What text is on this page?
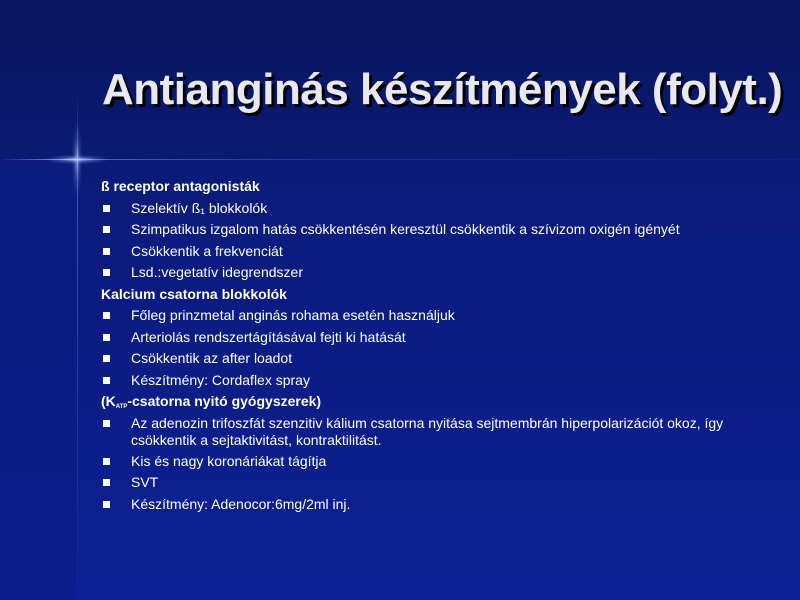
Antianginás készítmények (folyt.)

ß receptor antagonisták

Szelektív ß₁ blokkolók
Szimpatikus izgalom hatás csökkentésén keresztül csökkentik a szívizom oxigén igényét
Csökkentik a frekvenciát
Lsd.:vegetatív idegrendszer

Kalcium csatorna blokkolók

Főleg prinzmetal anginás rohama esetén használjuk
Arteriolás rendszertágításával fejti ki hatását
Csökkentik az after loadot
Készítmény: Cordaflex spray

($K_{ATP}$-csatorna nyitó gyógyszerek)

Az adenozin trifoszfát szenzitiv kálium csatorna nyitása sejtmembrán hiperpolarizációt okoz, így csökkentik a sejtaktivitást, kontraktilitást.
Kis és nagy koronáriákat tágítja
SVT
Készítmény: Adenocor:6mg/2ml inj.
